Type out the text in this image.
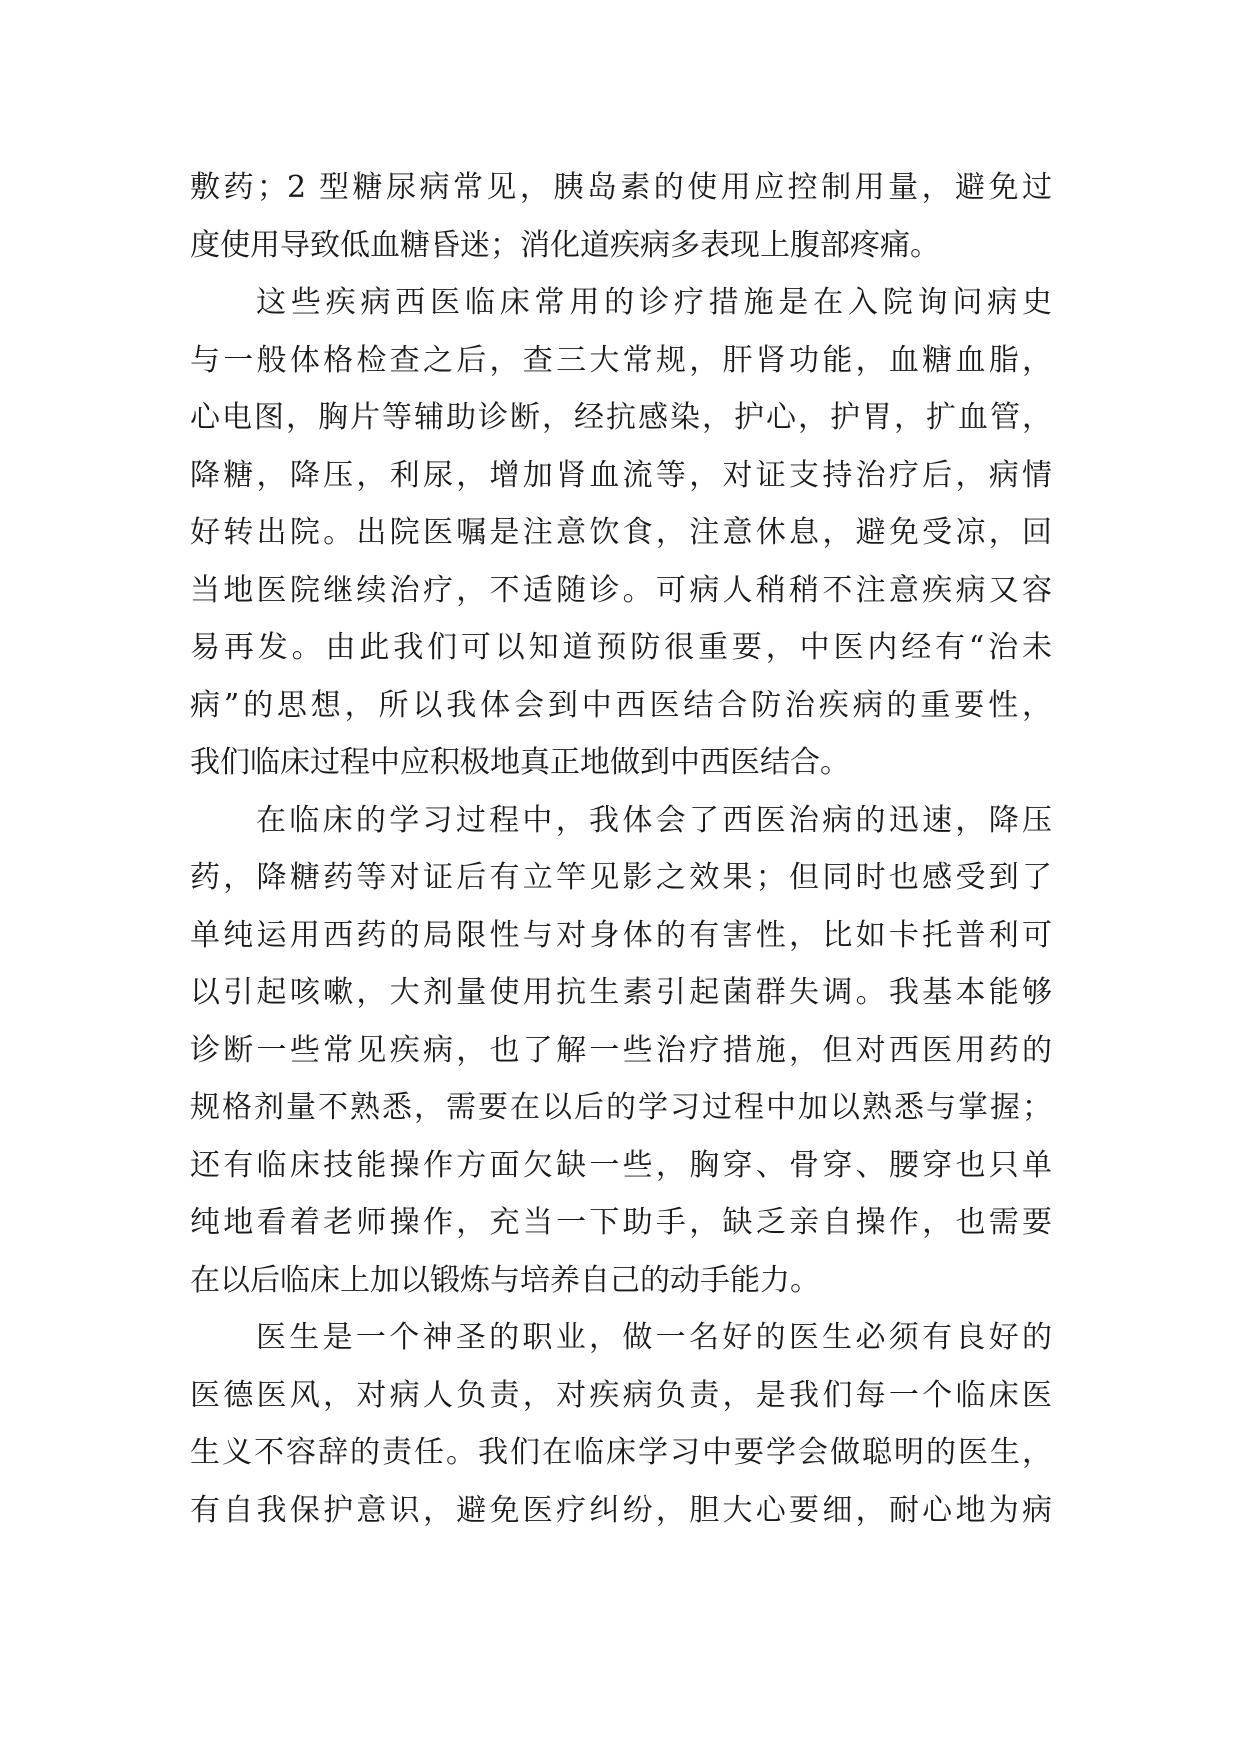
敷药；2 型糖尿病常见，胰岛素的使用应控制用量，避免过
度使用导致低血糖昏迷；消化道疾病多表现上腹部疼痛。
这些疾病西医临床常用的诊疗措施是在入院询问病史
与一般体格检查之后，查三大常规，肝肾功能，血糖血脂，
心电图，胸片等辅助诊断，经抗感染，护心，护胃，扩血管，
降糖，降压，利尿，增加肾血流等，对证支持治疗后，病情
好转出院。出院医嘱是注意饮食，注意休息，避免受凉，回
当地医院继续治疗，不适随诊。可病人稍稍不注意疾病又容
易再发。由此我们可以知道预防很重要，中医内经有“治未
病”的思想，所以我体会到中西医结合防治疾病的重要性，
我们临床过程中应积极地真正地做到中西医结合。
在临床的学习过程中，我体会了西医治病的迅速，降压
药，降糖药等对证后有立竿见影之效果；但同时也感受到了
单纯运用西药的局限性与对身体的有害性，比如卡托普利可
以引起咳嗽，大剂量使用抗生素引起菌群失调。我基本能够
诊断一些常见疾病，也了解一些治疗措施，但对西医用药的
规格剂量不熟悉，需要在以后的学习过程中加以熟悉与掌握；
还有临床技能操作方面欠缺一些，胸穿、骨穿、腰穿也只单
纯地看着老师操作，充当一下助手，缺乏亲自操作，也需要
在以后临床上加以锻炼与培养自己的动手能力。
医生是一个神圣的职业，做一名好的医生必须有良好的
医德医风，对病人负责，对疾病负责，是我们每一个临床医
生义不容辞的责任。我们在临床学习中要学会做聪明的医生，
有自我保护意识，避免医疗纠纷，胆大心要细，耐心地为病
